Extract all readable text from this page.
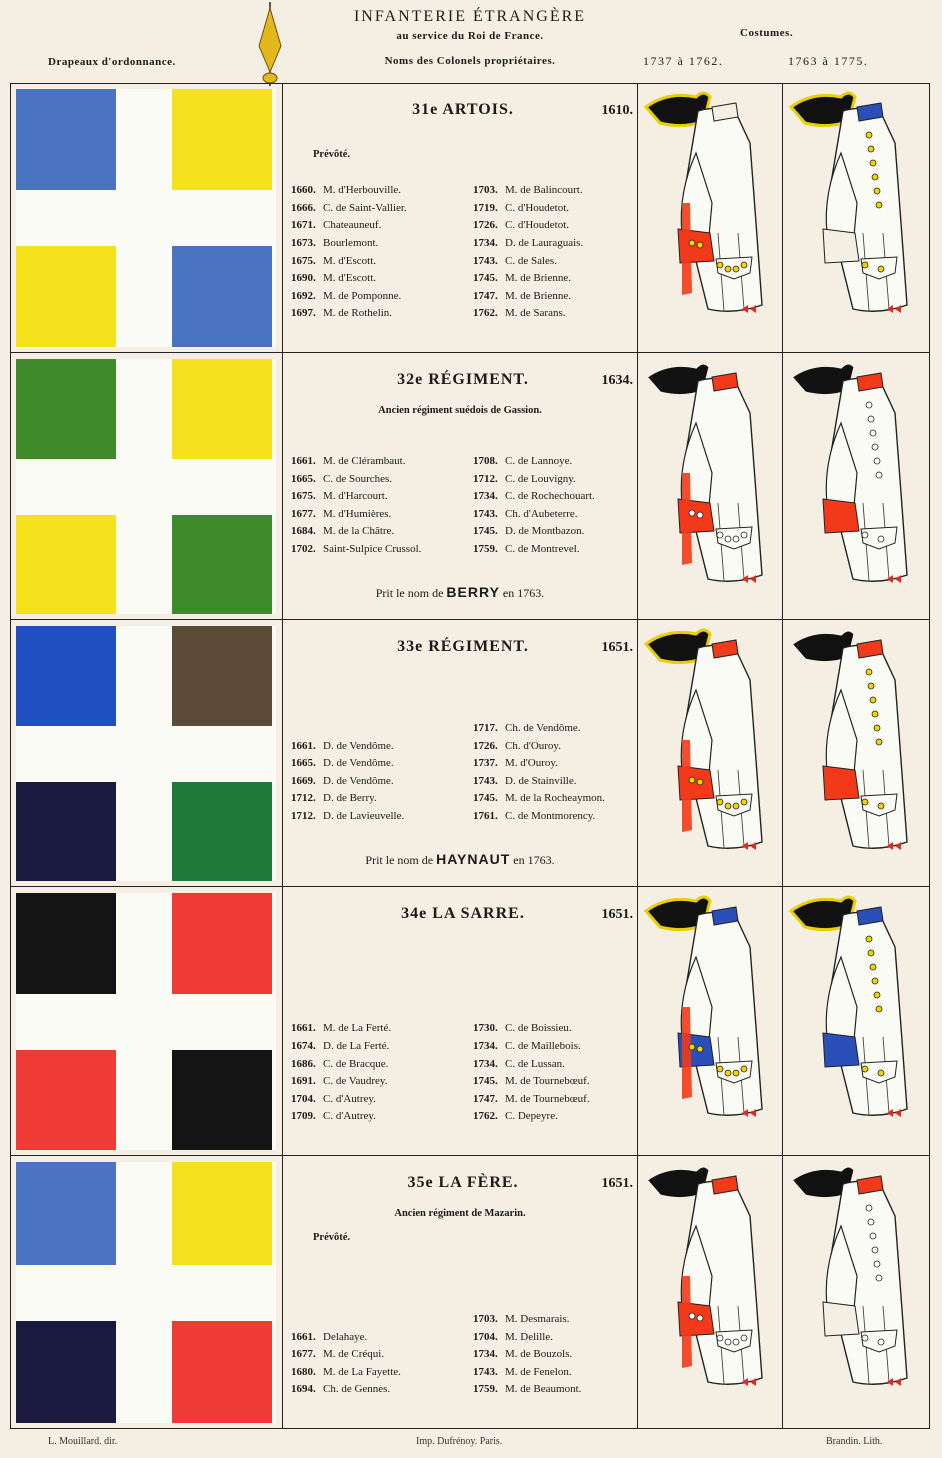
INFANTERIE ÉTRANGÈRE
au service du Roi de France.
Noms des Colonels propriétaires.
Drapeaux d'ordonnance.
Costumes.
1737 à 1762.	1763 à 1775.
31e ARTOIS.	1610.
Prévôté.
1660. M. d'Herbouville.
1666. C. de Saint-Vallier.
1671. Chateauneuf.
1673. Bourlemont.
1675. M. d'Escott.
1690. M. d'Escott.
1692. M. de Pomponne.
1697. M. de Rothelin.
1703. M. de Balincourt.
1719. C. d'Houdetot.
1726. C. d'Houdetot.
1734. D. de Lauraguais.
1743. C. de Sales.
1745. M. de Brienne.
1747. M. de Brienne.
1762. M. de Sarans.
32e RÉGIMENT.	1634.
Ancien régiment suédois de Gassion.
1661. M. de Clérambaut.
1665. C. de Sourches.
1675. M. d'Harcourt.
1677. M. d'Humières.
1684. M. de la Châtre.
1702. Saint-Sulpice Crussol.
1708. C. de Lannoye.
1712. C. de Louvigny.
1734. C. de Rochechouart.
1743. Ch. d'Aubeterre.
1745. D. de Montbazon.
1759. C. de Montrevel.
Prit le nom de BERRY en 1763.
33e RÉGIMENT.	1651.
1661. D. de Vendôme.
1665. D. de Vendôme.
1669. D. de Vendôme.
1712. D. de Berry.
1712. D. de Lavieuvelle.
1717. Ch. de Vendôme.
1726. Ch. d'Ouroy.
1737. M. d'Ouroy.
1743. D. de Stainville.
1745. M. de la Rocheaymon.
1761. C. de Montmorency.
Prit le nom de HAYNAUT en 1763.
34e LA SARRE.	1651.
1661. M. de La Ferté.
1674. D. de La Ferté.
1686. C. de Bracque.
1691. C. de Vaudrey.
1704. C. d'Autrey.
1709. C. d'Autrey.
1730. C. de Boissieu.
1734. C. de Maillebois.
1734. C. de Lussan.
1745. M. de Tournebœuf.
1747. M. de Tournebœuf.
1762. C. Depeyre.
35e LA FÈRE.	1651.
Ancien régiment de Mazarin.
Prévôté.
1661. Delahaye.
1677. M. de Créqui.
1680. M. de La Fayette.
1694. Ch. de Gennes.
1703. M. Desmarais.
1704. M. Delille.
1734. M. de Bouzols.
1743. M. de Fenelon.
1759. M. de Beaumont.
L. Mouillard. dir.	Imp. Dufrénoy. Paris.	Brandin. Lith.
